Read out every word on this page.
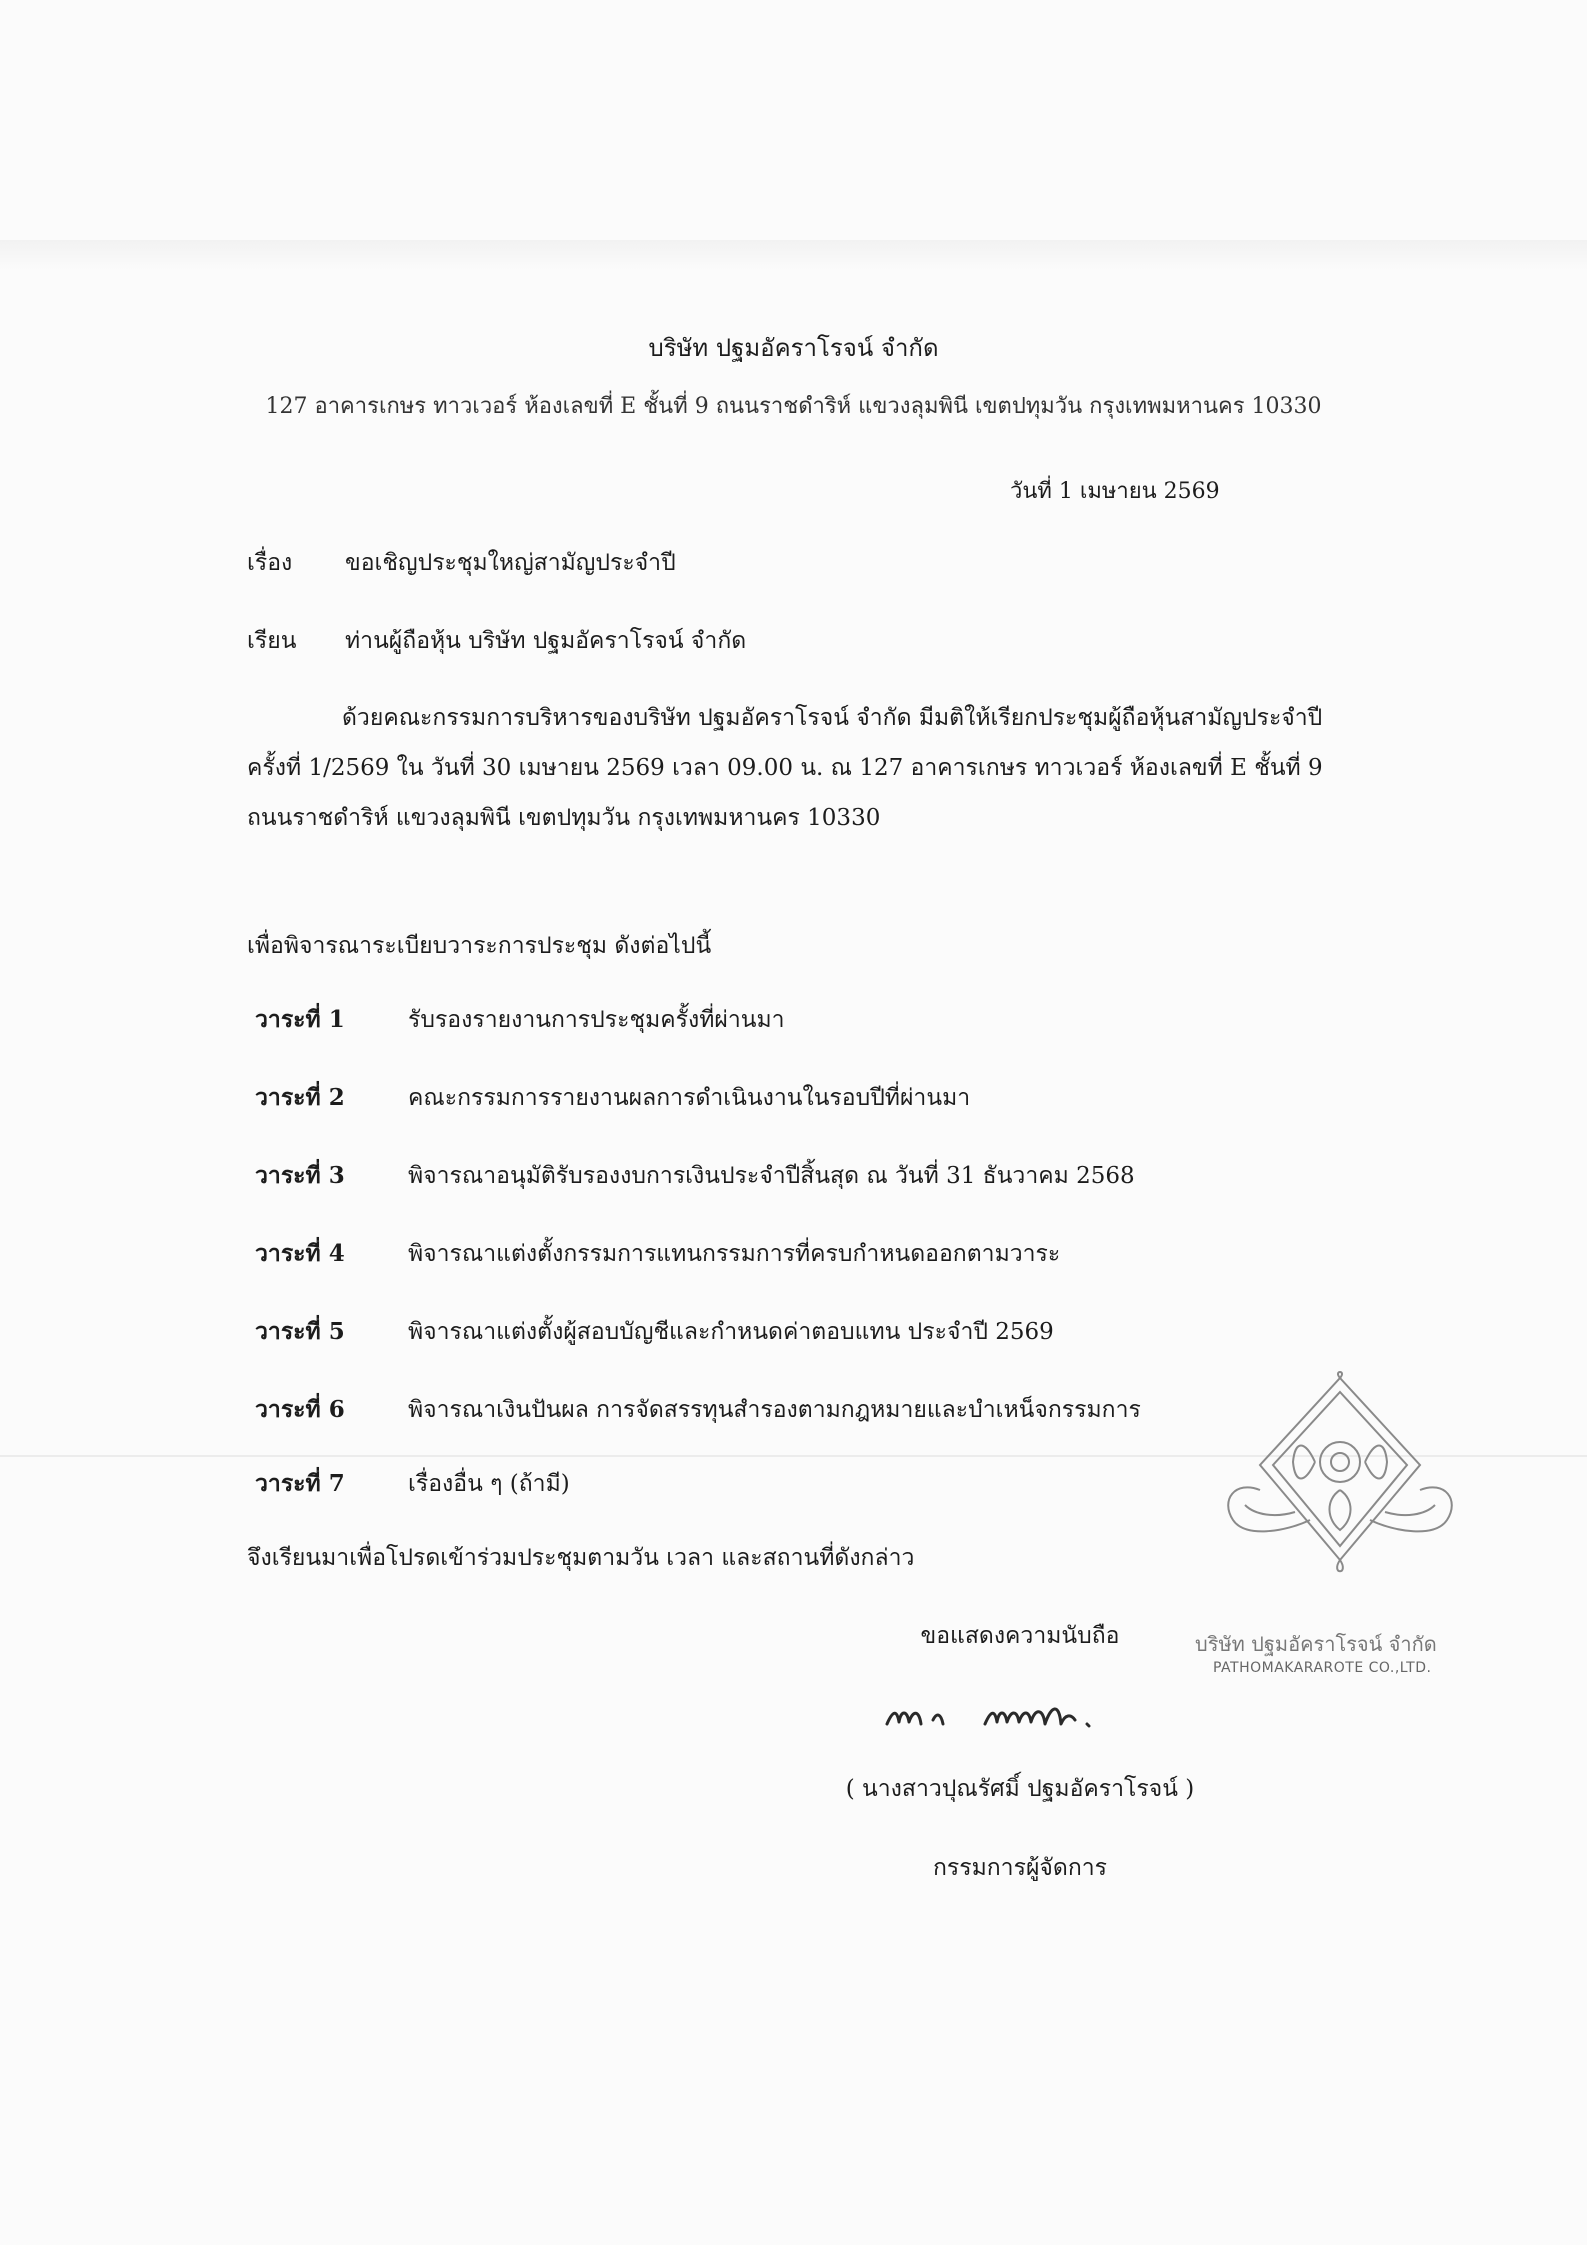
บริษัท ปฐมอัคราโรจน์ จำกัด
127 อาคารเกษร ทาวเวอร์ ห้องเลขที่ E ชั้นที่ 9 ถนนราชดำริห์ แขวงลุมพินี เขตปทุมวัน กรุงเทพมหานคร 10330
วันที่ 1 เมษายน 2569
เรื่อง ขอเชิญประชุมใหญ่สามัญประจำปี
เรียน ท่านผู้ถือหุ้น บริษัท ปฐมอัคราโรจน์ จำกัด
ด้วยคณะกรรมการบริหารของบริษัท ปฐมอัคราโรจน์ จำกัด มีมติให้เรียกประชุมผู้ถือหุ้นสามัญประจำปี ครั้งที่ 1/2569 ใน วันที่ 30 เมษายน 2569 เวลา 09.00 น. ณ 127 อาคารเกษร ทาวเวอร์ ห้องเลขที่ E ชั้นที่ 9 ถนนราชดำริห์ แขวงลุมพินี เขตปทุมวัน กรุงเทพมหานคร 10330
เพื่อพิจารณาระเบียบวาระการประชุม ดังต่อไปนี้
วาระที่ 1	รับรองรายงานการประชุมครั้งที่ผ่านมา
วาระที่ 2	คณะกรรมการรายงานผลการดำเนินงานในรอบปีที่ผ่านมา
วาระที่ 3	พิจารณาอนุมัติรับรองงบการเงินประจำปีสิ้นสุด ณ วันที่ 31 ธันวาคม 2568
วาระที่ 4	พิจารณาแต่งตั้งกรรมการแทนกรรมการที่ครบกำหนดออกตามวาระ
วาระที่ 5	พิจารณาแต่งตั้งผู้สอบบัญชีและกำหนดค่าตอบแทน ประจำปี 2569
วาระที่ 6	พิจารณาเงินปันผล การจัดสรรทุนสำรองตามกฎหมายและบำเหน็จกรรมการ
วาระที่ 7	เรื่องอื่น ๆ (ถ้ามี)
จึงเรียนมาเพื่อโปรดเข้าร่วมประชุมตามวัน เวลา และสถานที่ดังกล่าว
ขอแสดงความนับถือ
( นางสาวปุณรัศมิ์ ปฐมอัคราโรจน์ )
กรรมการผู้จัดการ
บริษัท ปฐมอัคราโรจน์ จำกัด
PATHOMAKARAROTE CO.,LTD.
